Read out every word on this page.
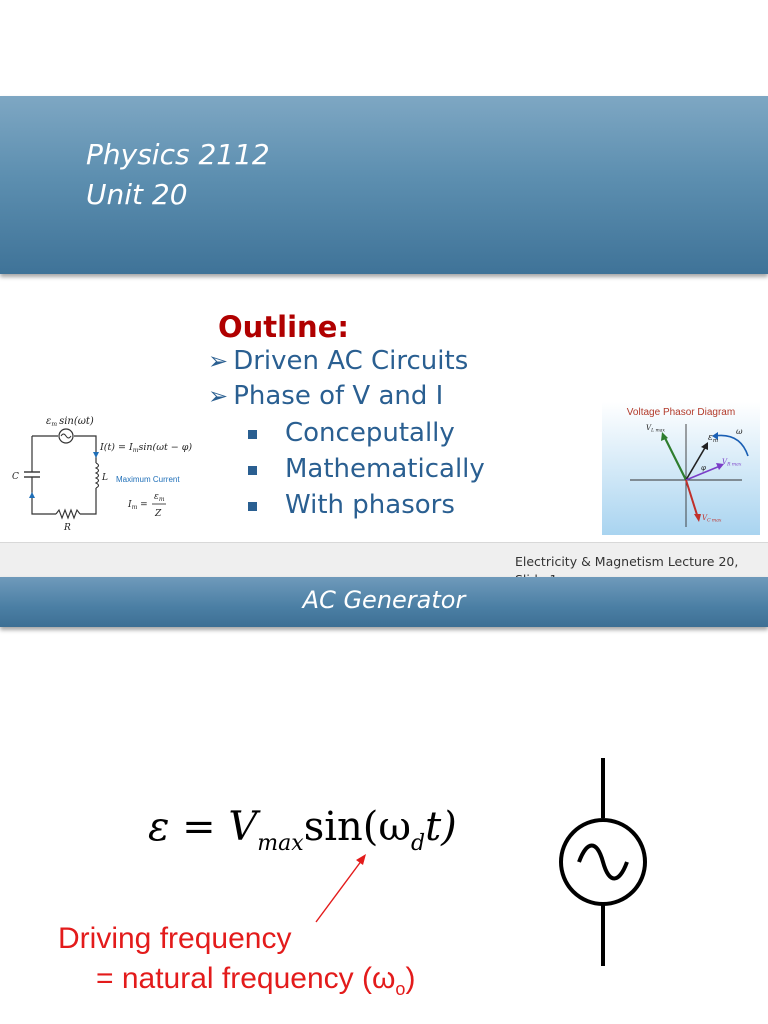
Physics 2112
Unit 20
Outline:
➢ Driven AC Circuits
➢ Phase of V and I
Conceputally
Mathematically
With phasors
$\varepsilon_m$ sin(ωt)
$I(t) = I_m\sin(\omega t - \varphi)$
L
C
R
Maximum Current
$I_m$ =
$\varepsilon_m$
Z
Voltage Phasor Diagram
$V_{L max}$
$\varepsilon_m$
$V_{R max}$
$V_{C max}$
φ
ω
Electricity & Magnetism Lecture 20,
AC Generator
$\varepsilon = V_{max}\sin(\omega_dt)$
Driving frequency
= natural frequency $(\omega_o)$
